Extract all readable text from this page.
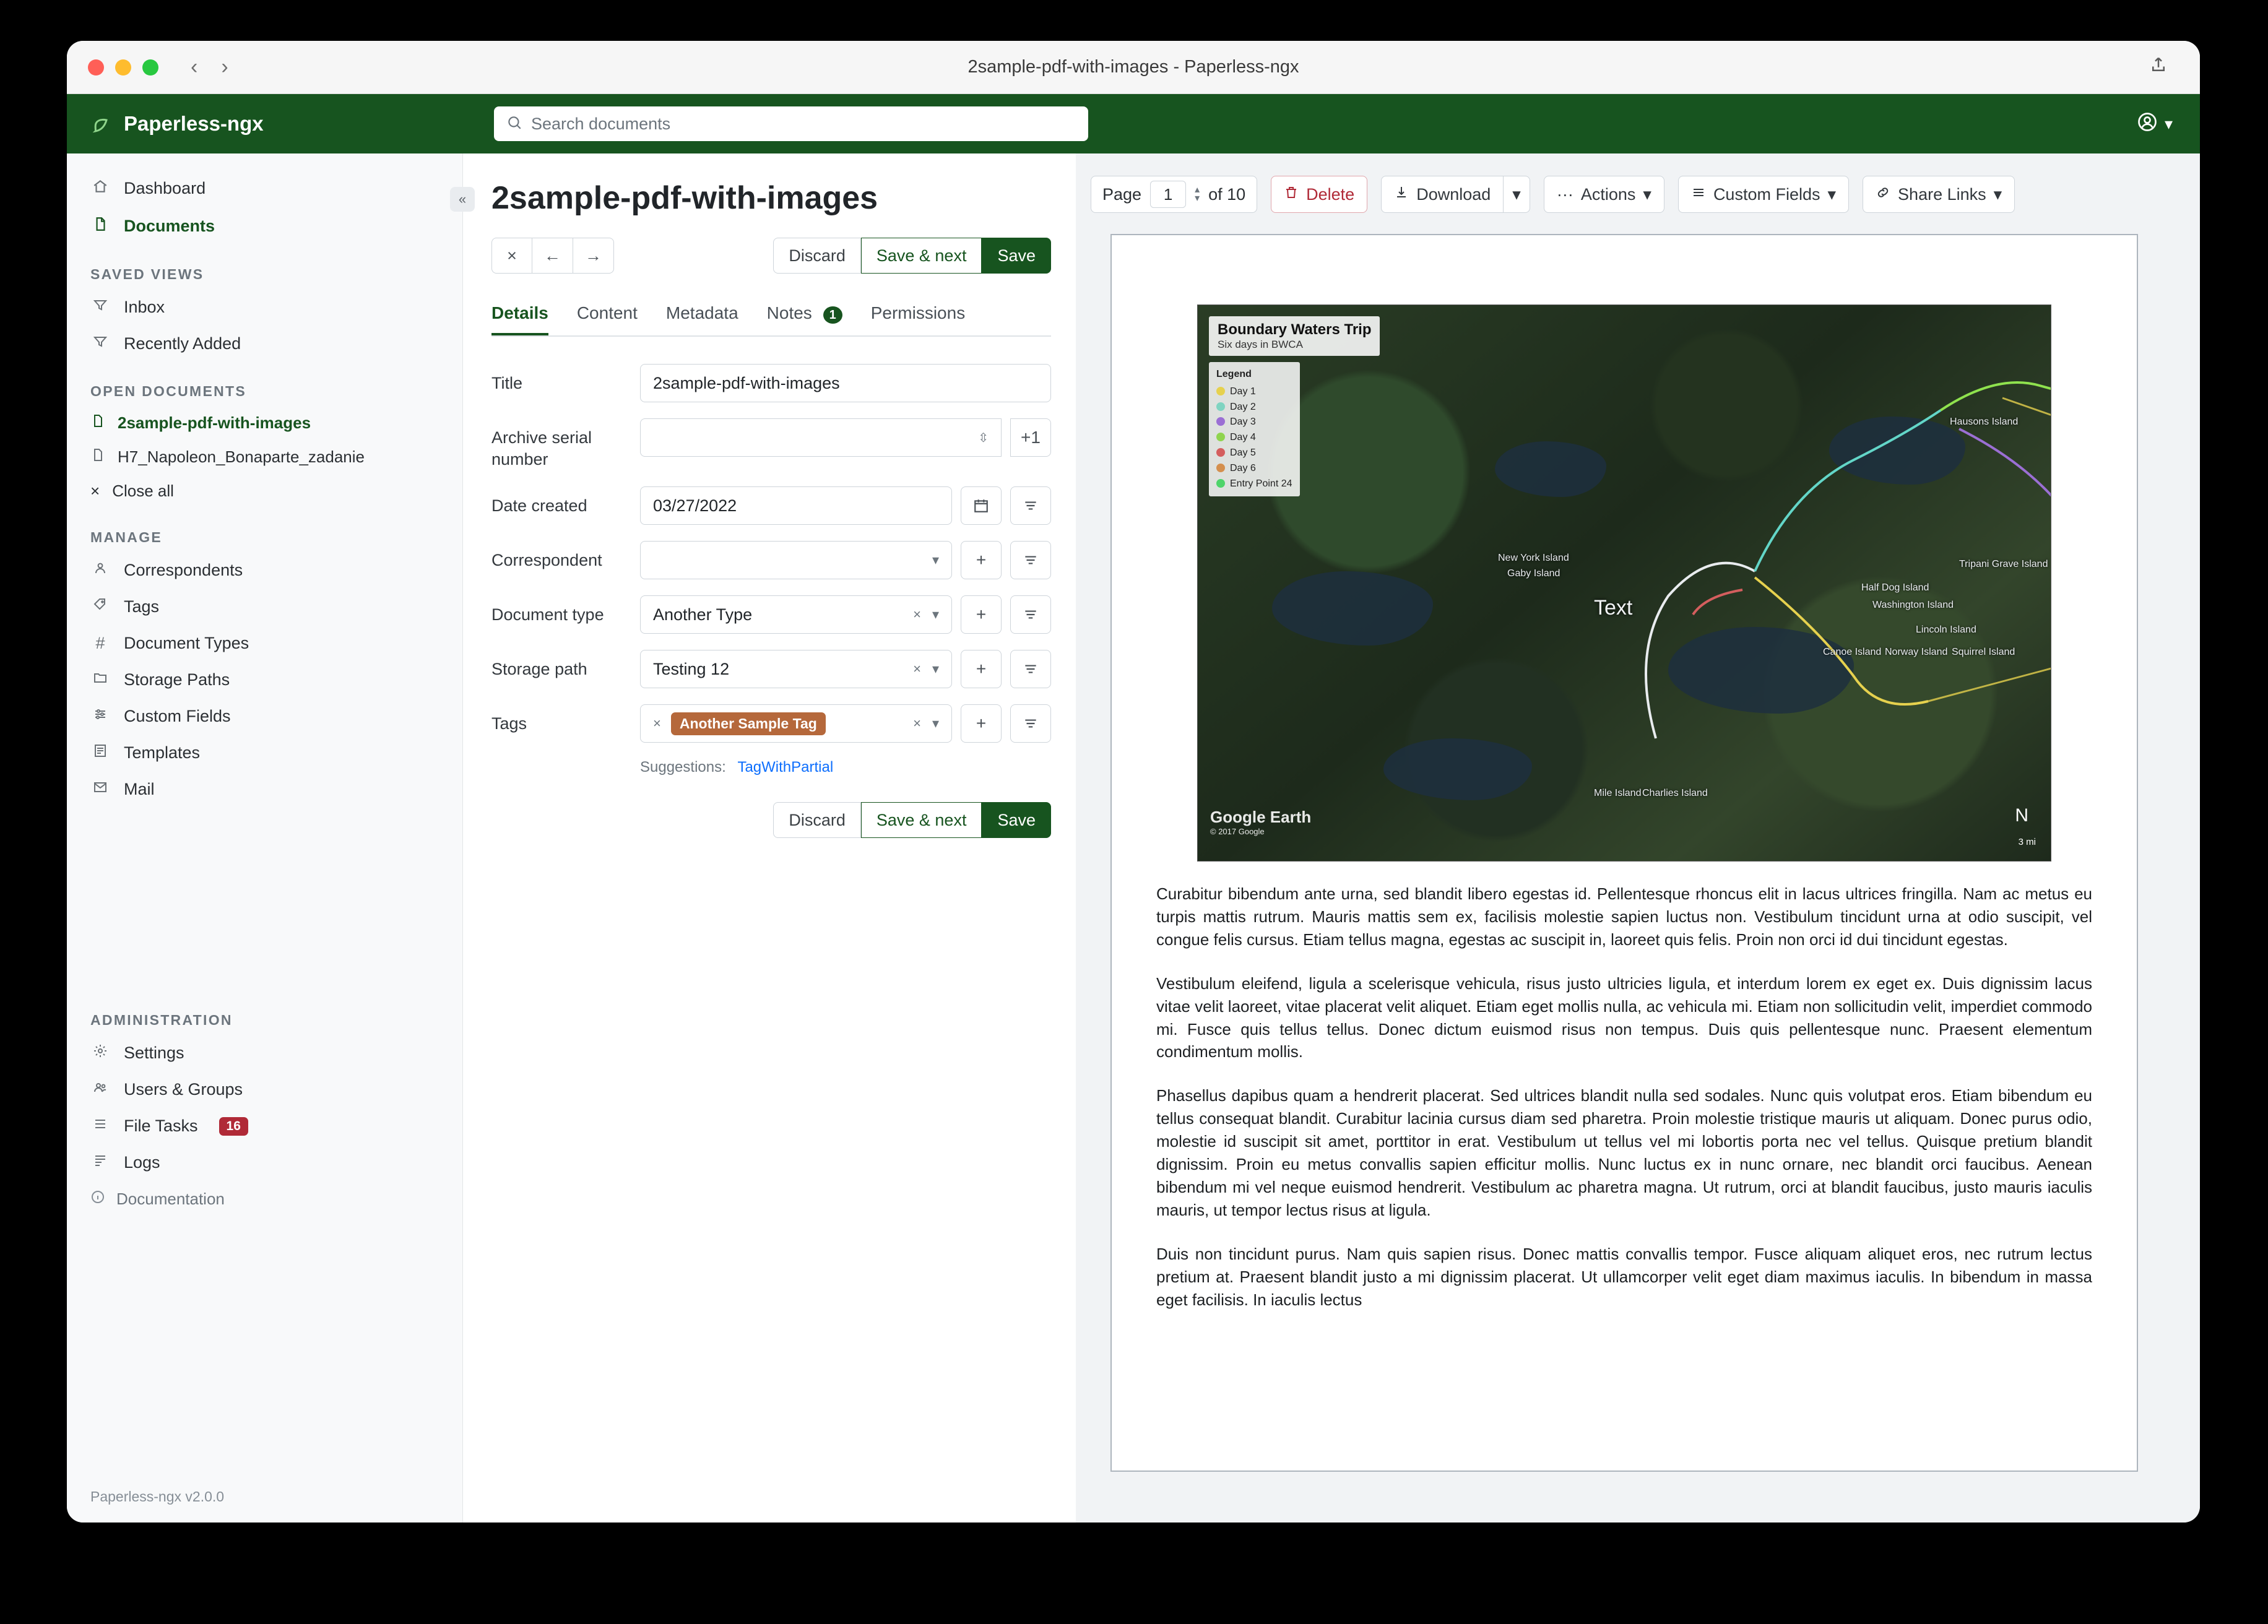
‹ ›	2sample-pdf-with-images - Paperless-ngx
Paperless-ngx	Search documents	▾
«
Dashboard
Documents
SAVED VIEWS
Inbox
Recently Added
OPEN DOCUMENTS
2sample-pdf-with-images
H7_Napoleon_Bonaparte_zadanie
× Close all
MANAGE
Correspondents
Tags
#	Document Types
Storage Paths
Custom Fields
Templates
Mail
ADMINISTRATION
Settings
Users & Groups
File Tasks	16
Logs
Documentation
Paperless-ngx v2.0.0
2sample-pdf-with-images
×	←	→	Discard	Save & next	Save
Details Content Metadata Notes 1	Permissions
Title	2sample-pdf-with-images
Archive serial number
⇳	+1
Date created	03/27/2022
Correspondent	▾	+
Document type	Another Type	× ▾	+
Storage path	Testing 12	× ▾	+
Tags	×	Another Sample Tag	× ▾	+
Suggestions: TagWithPartial
Discard	Save & next	Save
Page	1	▴
▾ of 10	Delete	Download	▾	··· Actions ▾	Custom Fields ▾	Share Links ▾
Boundary Waters Trip
Six days in BWCA
Legend
Day 1
Day 2
Day 3
Day 4
Day 5
Day 6
Entry Point 24
Hausons Island
Tripani Grave Island
New York Island
Gaby Island
Half Dog Island
Washington Island
Lincoln Island
Canoe Island Norway Island Squirrel Island
Mile Island Charlies Island
Text
Google Earth
© 2017 Google
3 mi
N

Curabitur bibendum ante urna, sed blandit libero egestas id. Pellentesque rhoncus elit in lacus ultrices fringilla. Nam ac metus eu turpis mattis rutrum. Mauris mattis sem ex, facilisis molestie sapien luctus non. Vestibulum tincidunt urna at odio suscipit, vel congue felis cursus. Etiam tellus magna, egestas ac suscipit in, laoreet quis felis. Proin non orci id dui tincidunt egestas.

Vestibulum eleifend, ligula a scelerisque vehicula, risus justo ultricies ligula, et interdum lorem ex eget ex. Duis dignissim lacus vitae velit laoreet, vitae placerat velit aliquet. Etiam eget mollis nulla, ac vehicula mi. Etiam non sollicitudin velit, imperdiet commodo mi. Fusce quis tellus tellus. Donec dictum euismod risus non tempus. Duis quis pellentesque nunc. Praesent elementum condimentum mollis.

Phasellus dapibus quam a hendrerit placerat. Sed ultrices blandit nulla sed sodales. Nunc quis volutpat eros. Etiam bibendum eu tellus consequat blandit. Curabitur lacinia cursus diam sed pharetra. Proin molestie tristique mauris ut aliquam. Donec purus odio, molestie id suscipit sit amet, porttitor in erat. Vestibulum ut tellus vel mi lobortis porta nec vel tellus. Quisque pretium blandit dignissim. Proin eu metus convallis sapien efficitur mollis. Nunc luctus ex in nunc ornare, nec blandit orci faucibus. Aenean bibendum mi vel neque euismod hendrerit. Vestibulum ac pharetra magna. Ut rutrum, orci at blandit faucibus, justo mauris iaculis mauris, ut tempor lectus risus at ligula.

Duis non tincidunt purus. Nam quis sapien risus. Donec mattis convallis tempor. Fusce aliquam aliquet eros, nec rutrum lectus pretium at. Praesent blandit justo a mi dignissim placerat. Ut ullamcorper velit eget diam maximus iaculis. In bibendum in massa eget facilisis. In iaculis lectus
